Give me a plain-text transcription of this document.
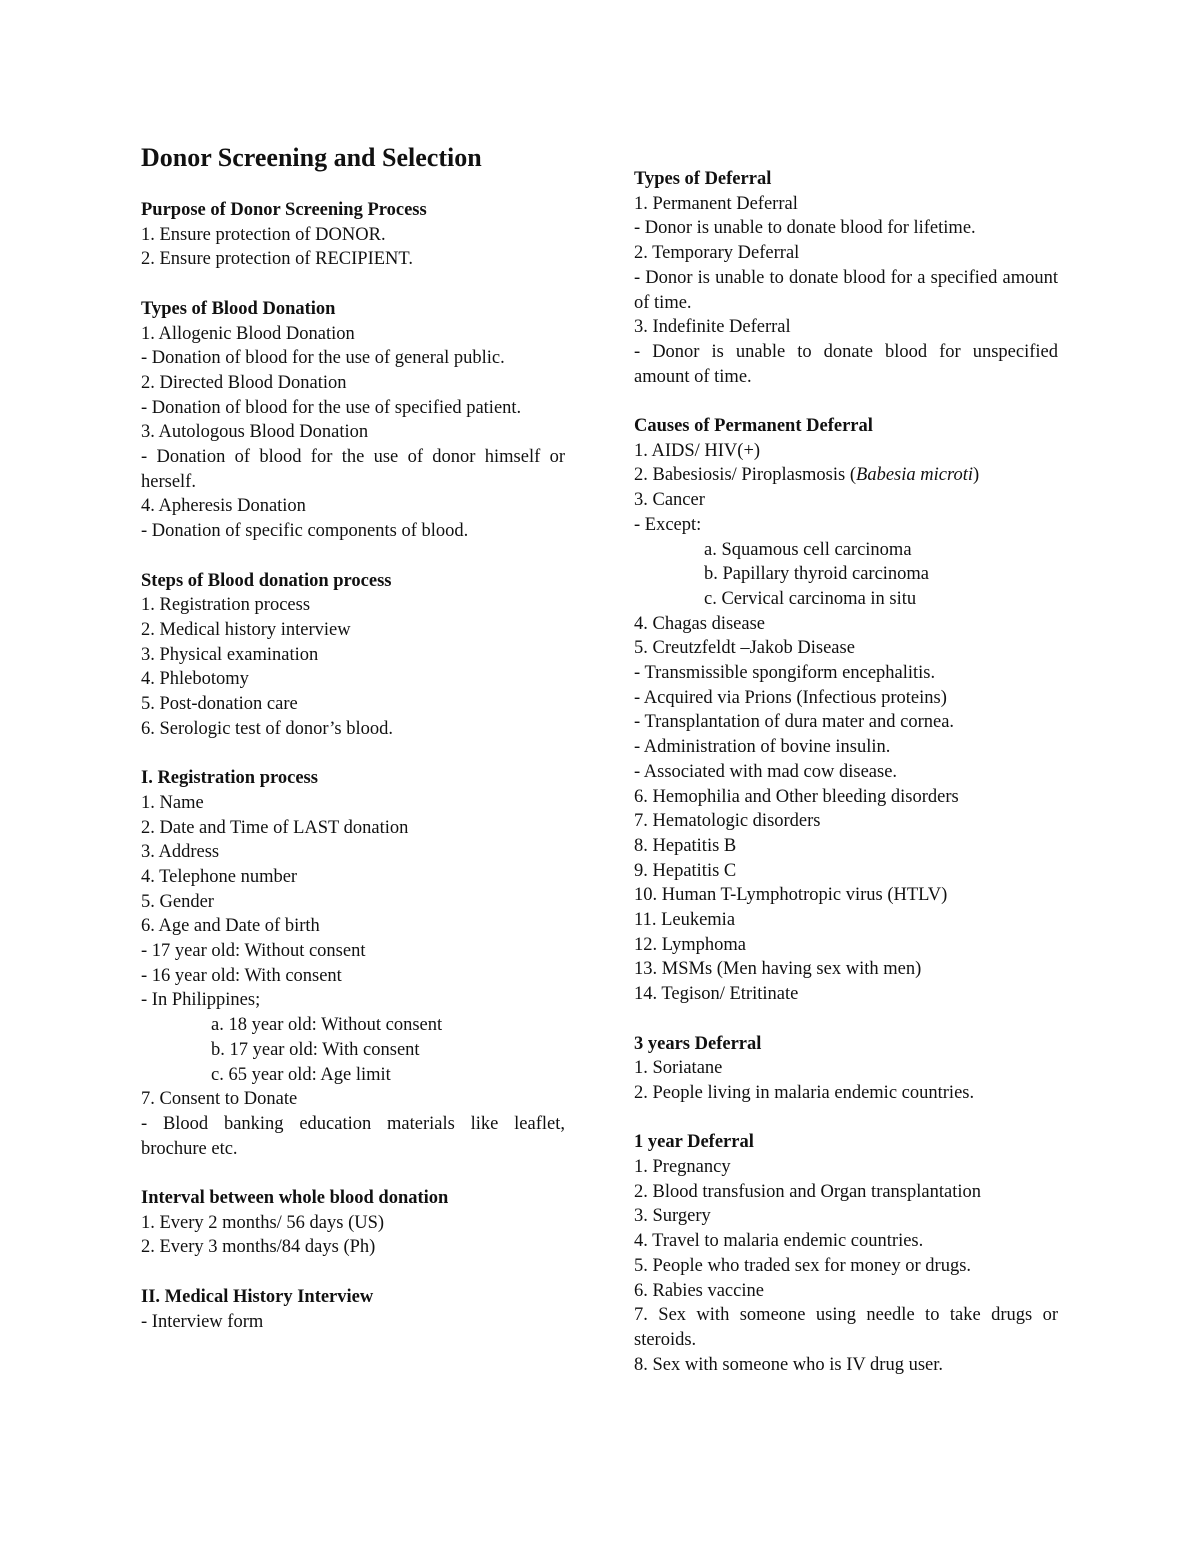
Donor Screening and Selection
Purpose of Donor Screening Process
1. Ensure protection of DONOR.
2. Ensure protection of RECIPIENT.
Types of Blood Donation
1. Allogenic Blood Donation
- Donation of blood for the use of general public.
2. Directed Blood Donation
- Donation of blood for the use of specified patient.
3. Autologous Blood Donation
- Donation of blood for the use of donor himself or herself.
4. Apheresis Donation
- Donation of specific components of blood.
Steps of Blood donation process
1. Registration process
2. Medical history interview
3. Physical examination
4. Phlebotomy
5. Post-donation care
6. Serologic test of donor’s blood.
I. Registration process
1. Name
2. Date and Time of LAST donation
3. Address
4. Telephone number
5. Gender
6. Age and Date of birth
- 17 year old: Without consent
- 16 year old: With consent
- In Philippines;
a. 18 year old: Without consent
b. 17 year old: With consent
c. 65 year old: Age limit
7. Consent to Donate
- Blood banking education materials like leaflet, brochure etc.
Interval between whole blood donation
1. Every 2 months/ 56 days (US)
2. Every 3 months/84 days (Ph)
II. Medical History Interview
- Interview form
Types of Deferral
1. Permanent Deferral
- Donor is unable to donate blood for lifetime.
2. Temporary Deferral
- Donor is unable to donate blood for a specified amount of time.
3. Indefinite Deferral
- Donor is unable to donate blood for unspecified amount of time.
Causes of Permanent Deferral
1. AIDS/ HIV(+)
2. Babesiosis/ Piroplasmosis (Babesia microti)
3. Cancer
- Except:
a. Squamous cell carcinoma
b. Papillary thyroid carcinoma
c. Cervical carcinoma in situ
4. Chagas disease
5. Creutzfeldt –Jakob Disease
- Transmissible spongiform encephalitis.
- Acquired via Prions (Infectious proteins)
- Transplantation of dura mater and cornea.
- Administration of bovine insulin.
- Associated with mad cow disease.
6. Hemophilia and Other bleeding disorders
7. Hematologic disorders
8. Hepatitis B
9. Hepatitis C
10. Human T-Lymphotropic virus (HTLV)
11. Leukemia
12. Lymphoma
13. MSMs (Men having sex with men)
14. Tegison/ Etritinate
3 years Deferral
1. Soriatane
2. People living in malaria endemic countries.
1 year Deferral
1. Pregnancy
2. Blood transfusion and Organ transplantation
3. Surgery
4. Travel to malaria endemic countries.
5. People who traded sex for money or drugs.
6. Rabies vaccine
7. Sex with someone using needle to take drugs or steroids.
8. Sex with someone who is IV drug user.
